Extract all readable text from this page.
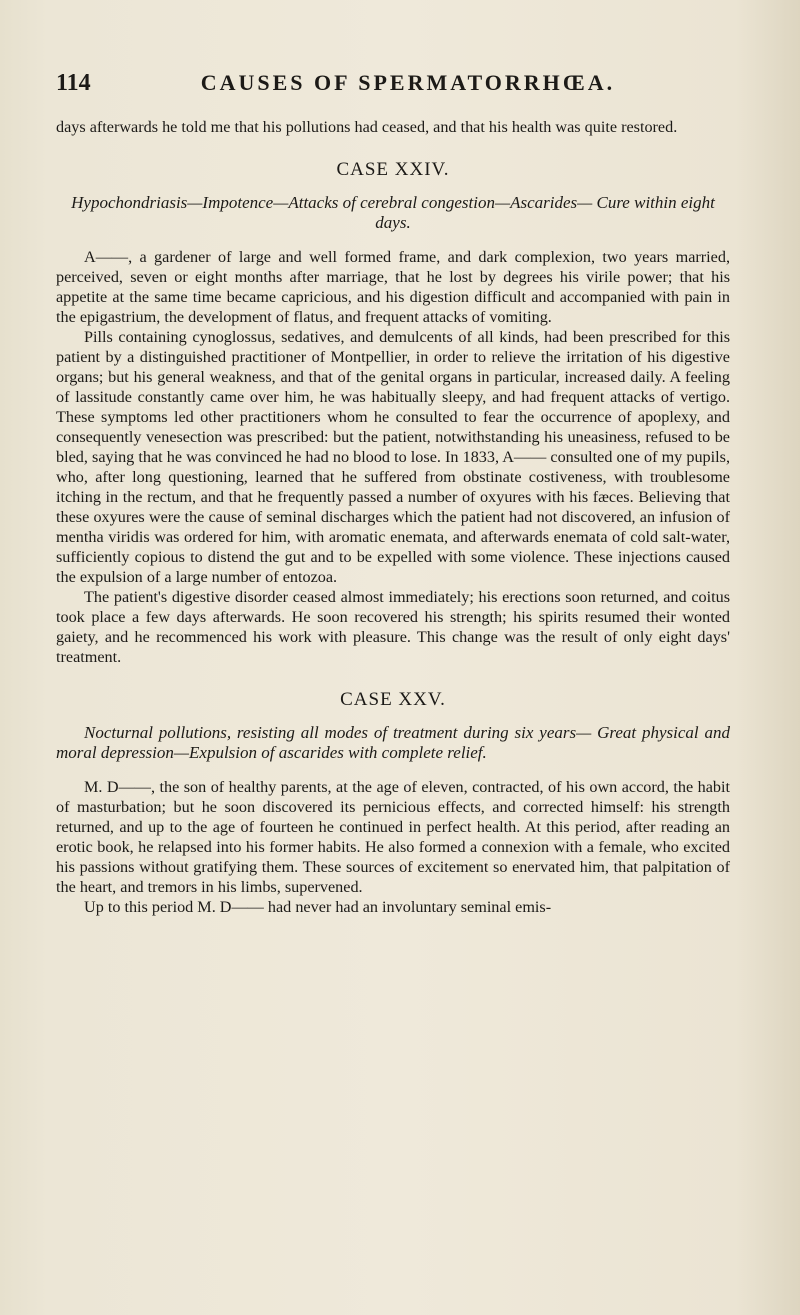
114	CAUSES OF SPERMATORRHŒA.

days afterwards he told me that his pollutions had ceased, and that his health was quite restored.

CASE XXIV.
Hypochondriasis—Impotence—Attacks of cerebral congestion—Ascarides— Cure within eight days.

A——, a gardener of large and well formed frame, and dark complexion, two years married, perceived, seven or eight months after marriage, that he lost by degrees his virile power; that his appetite at the same time became capricious, and his digestion difficult and accompanied with pain in the epigastrium, the development of flatus, and frequent attacks of vomiting.

Pills containing cynoglossus, sedatives, and demulcents of all kinds, had been prescribed for this patient by a distinguished practitioner of Montpellier, in order to relieve the irritation of his digestive organs; but his general weakness, and that of the genital organs in particular, increased daily. A feeling of lassitude constantly came over him, he was habitually sleepy, and had frequent attacks of vertigo. These symptoms led other practitioners whom he consulted to fear the occurrence of apoplexy, and consequently venesection was prescribed: but the patient, notwithstanding his uneasiness, refused to be bled, saying that he was convinced he had no blood to lose. In 1833, A—— consulted one of my pupils, who, after long questioning, learned that he suffered from obstinate costiveness, with troublesome itching in the rectum, and that he frequently passed a number of oxyures with his fæces. Believing that these oxyures were the cause of seminal discharges which the patient had not discovered, an infusion of mentha viridis was ordered for him, with aromatic enemata, and afterwards enemata of cold salt-water, sufficiently copious to distend the gut and to be expelled with some violence. These injections caused the expulsion of a large number of entozoa.

The patient's digestive disorder ceased almost immediately; his erections soon returned, and coitus took place a few days afterwards. He soon recovered his strength; his spirits resumed their wonted gaiety, and he recommenced his work with pleasure. This change was the result of only eight days' treatment.

CASE XXV.
Nocturnal pollutions, resisting all modes of treatment during six years— Great physical and moral depression—Expulsion of ascarides with complete relief.

M. D——, the son of healthy parents, at the age of eleven, contracted, of his own accord, the habit of masturbation; but he soon discovered its pernicious effects, and corrected himself: his strength returned, and up to the age of fourteen he continued in perfect health. At this period, after reading an erotic book, he relapsed into his former habits. He also formed a connexion with a female, who excited his passions without gratifying them. These sources of excitement so enervated him, that palpitation of the heart, and tremors in his limbs, supervened.

Up to this period M. D—— had never had an involuntary seminal emis-
